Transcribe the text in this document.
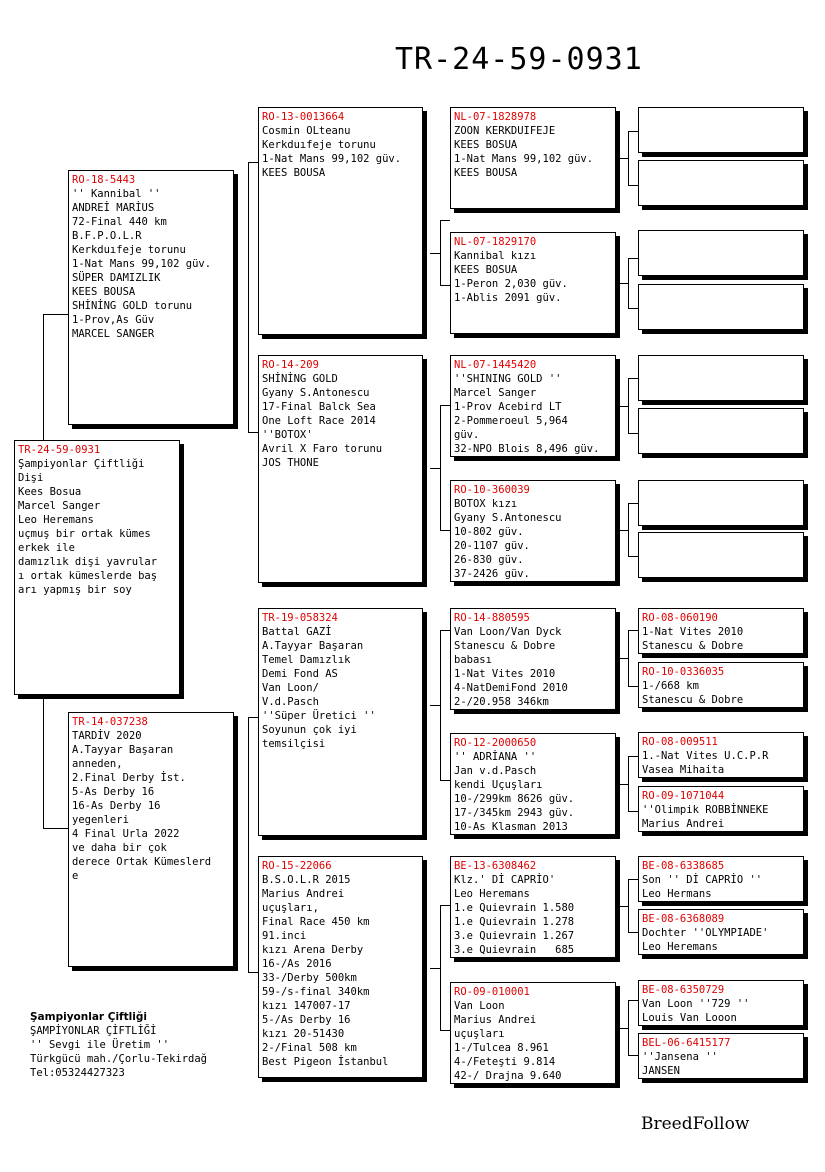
TR-24-59-0931
TR-24-59-0931
Şampiyonlar Çiftliği
Dişi
Kees Bosua
Marcel Sanger
Leo Heremans
uçmuş bir ortak kümes
erkek ile
damızlık dişi yavrular
ı ortak kümeslerde baş
arı yapmış bir soy
RO-18-5443
'' Kannibal ''
ANDREİ MARİUS
72-Final 440 km
B.F.P.O.L.R
Kerkduıfeje torunu
1-Nat Mans 99,102 güv.
SÜPER DAMIZLIK
KEES BOUSA
SHİNİNG GOLD torunu
1-Prov,As Güv
MARCEL SANGER
TR-14-037238
TARDİV 2020
A.Tayyar Başaran
anneden,
2.Final Derby İst.
5-As Derby 16
16-As Derby 16
yegenleri
4 Final Urla 2022
ve daha bir çok
derece Ortak Kümeslerd
e
RO-13-0013664
Cosmin OLteanu
Kerkduıfeje torunu
1-Nat Mans 99,102 güv.
KEES BOUSA
RO-14-209
SHİNİNG GOLD
Gyany S.Antonescu
17-Final Balck Sea
One Loft Race 2014
''BOTOX'
Avril X Faro torunu
JOS THONE
TR-19-058324
Battal GAZİ
A.Tayyar Başaran
Temel Damızlık
Demi Fond AS
Van Loon/
V.d.Pasch
''Süper Üretici ''
Soyunun çok iyi
temsilçisi
RO-15-22066
B.S.O.L.R 2015
Marius Andrei
uçuşları,
Final Race 450 km
91.inci
kızı Arena Derby
16-/As 2016
33-/Derby 500km
59-/s-final 340km
kızı 147007-17
5-/As Derby 16
kızı 20-51430
2-/Final 508 km
Best Pigeon İstanbul
NL-07-1828978
ZOON KERKDUIFEJE
KEES BOSUA
1-Nat Mans 99,102 güv.
KEES BOUSA
NL-07-1829170
Kannibal kızı
KEES BOSUA
1-Peron 2,030 güv.
1-Ablis 2091 güv.
NL-07-1445420
''SHINING GOLD ''
Marcel Sanger
1-Prov Acebird LT
2-Pommeroeul 5,964
güv.
32-NPO Blois 8,496 güv.
RO-10-360039
BOTOX kızı
Gyany S.Antonescu
10-802 güv.
20-1107 güv.
26-830 güv.
37-2426 güv.
RO-14-880595
Van Loon/Van Dyck
Stanescu & Dobre
babası
1-Nat Vites 2010
4-NatDemiFond 2010
2-/20.958 346km
RO-12-2000650
'' ADRİANA ''
Jan v.d.Pasch
kendi Uçuşları
10-/299km 8626 güv.
17-/345km 2943 güv.
10-As Klasman 2013
BE-13-6308462
Klz.' Dİ CAPRİO'
Leo Heremans
1.e Quievrain 1.580
1.e Quievrain 1.278
3.e Quievrain 1.267
3.e Quievrain   685
RO-09-010001
Van Loon
Marius Andrei
uçuşları
1-/Tulcea 8.961
4-/Feteşti 9.814
42-/ Drajna 9.640
RO-08-060190
1-Nat Vites 2010
Stanescu & Dobre
RO-10-0336035
1-/668 km
Stanescu & Dobre
RO-08-009511
1.-Nat Vites U.C.P.R
Vasea Mihaita
RO-09-1071044
''Olimpik ROBBİNNEKE
Marius Andrei
BE-08-6338685
Son '' Dİ CAPRİO ''
Leo Hermans
BE-08-6368089
Dochter ''OLYMPIADE'
Leo Heremans
BE-08-6350729
Van Loon ''729 ''
Louis Van Looon
BEL-06-6415177
''Jansena ''
JANSEN
Şampiyonlar Çiftliği
ŞAMPİYONLAR ÇİFTLİĞİ
'' Sevgi ile Üretim ''
Türkgücü mah./Çorlu-Tekirdağ
Tel:05324427323
BreedFollow
